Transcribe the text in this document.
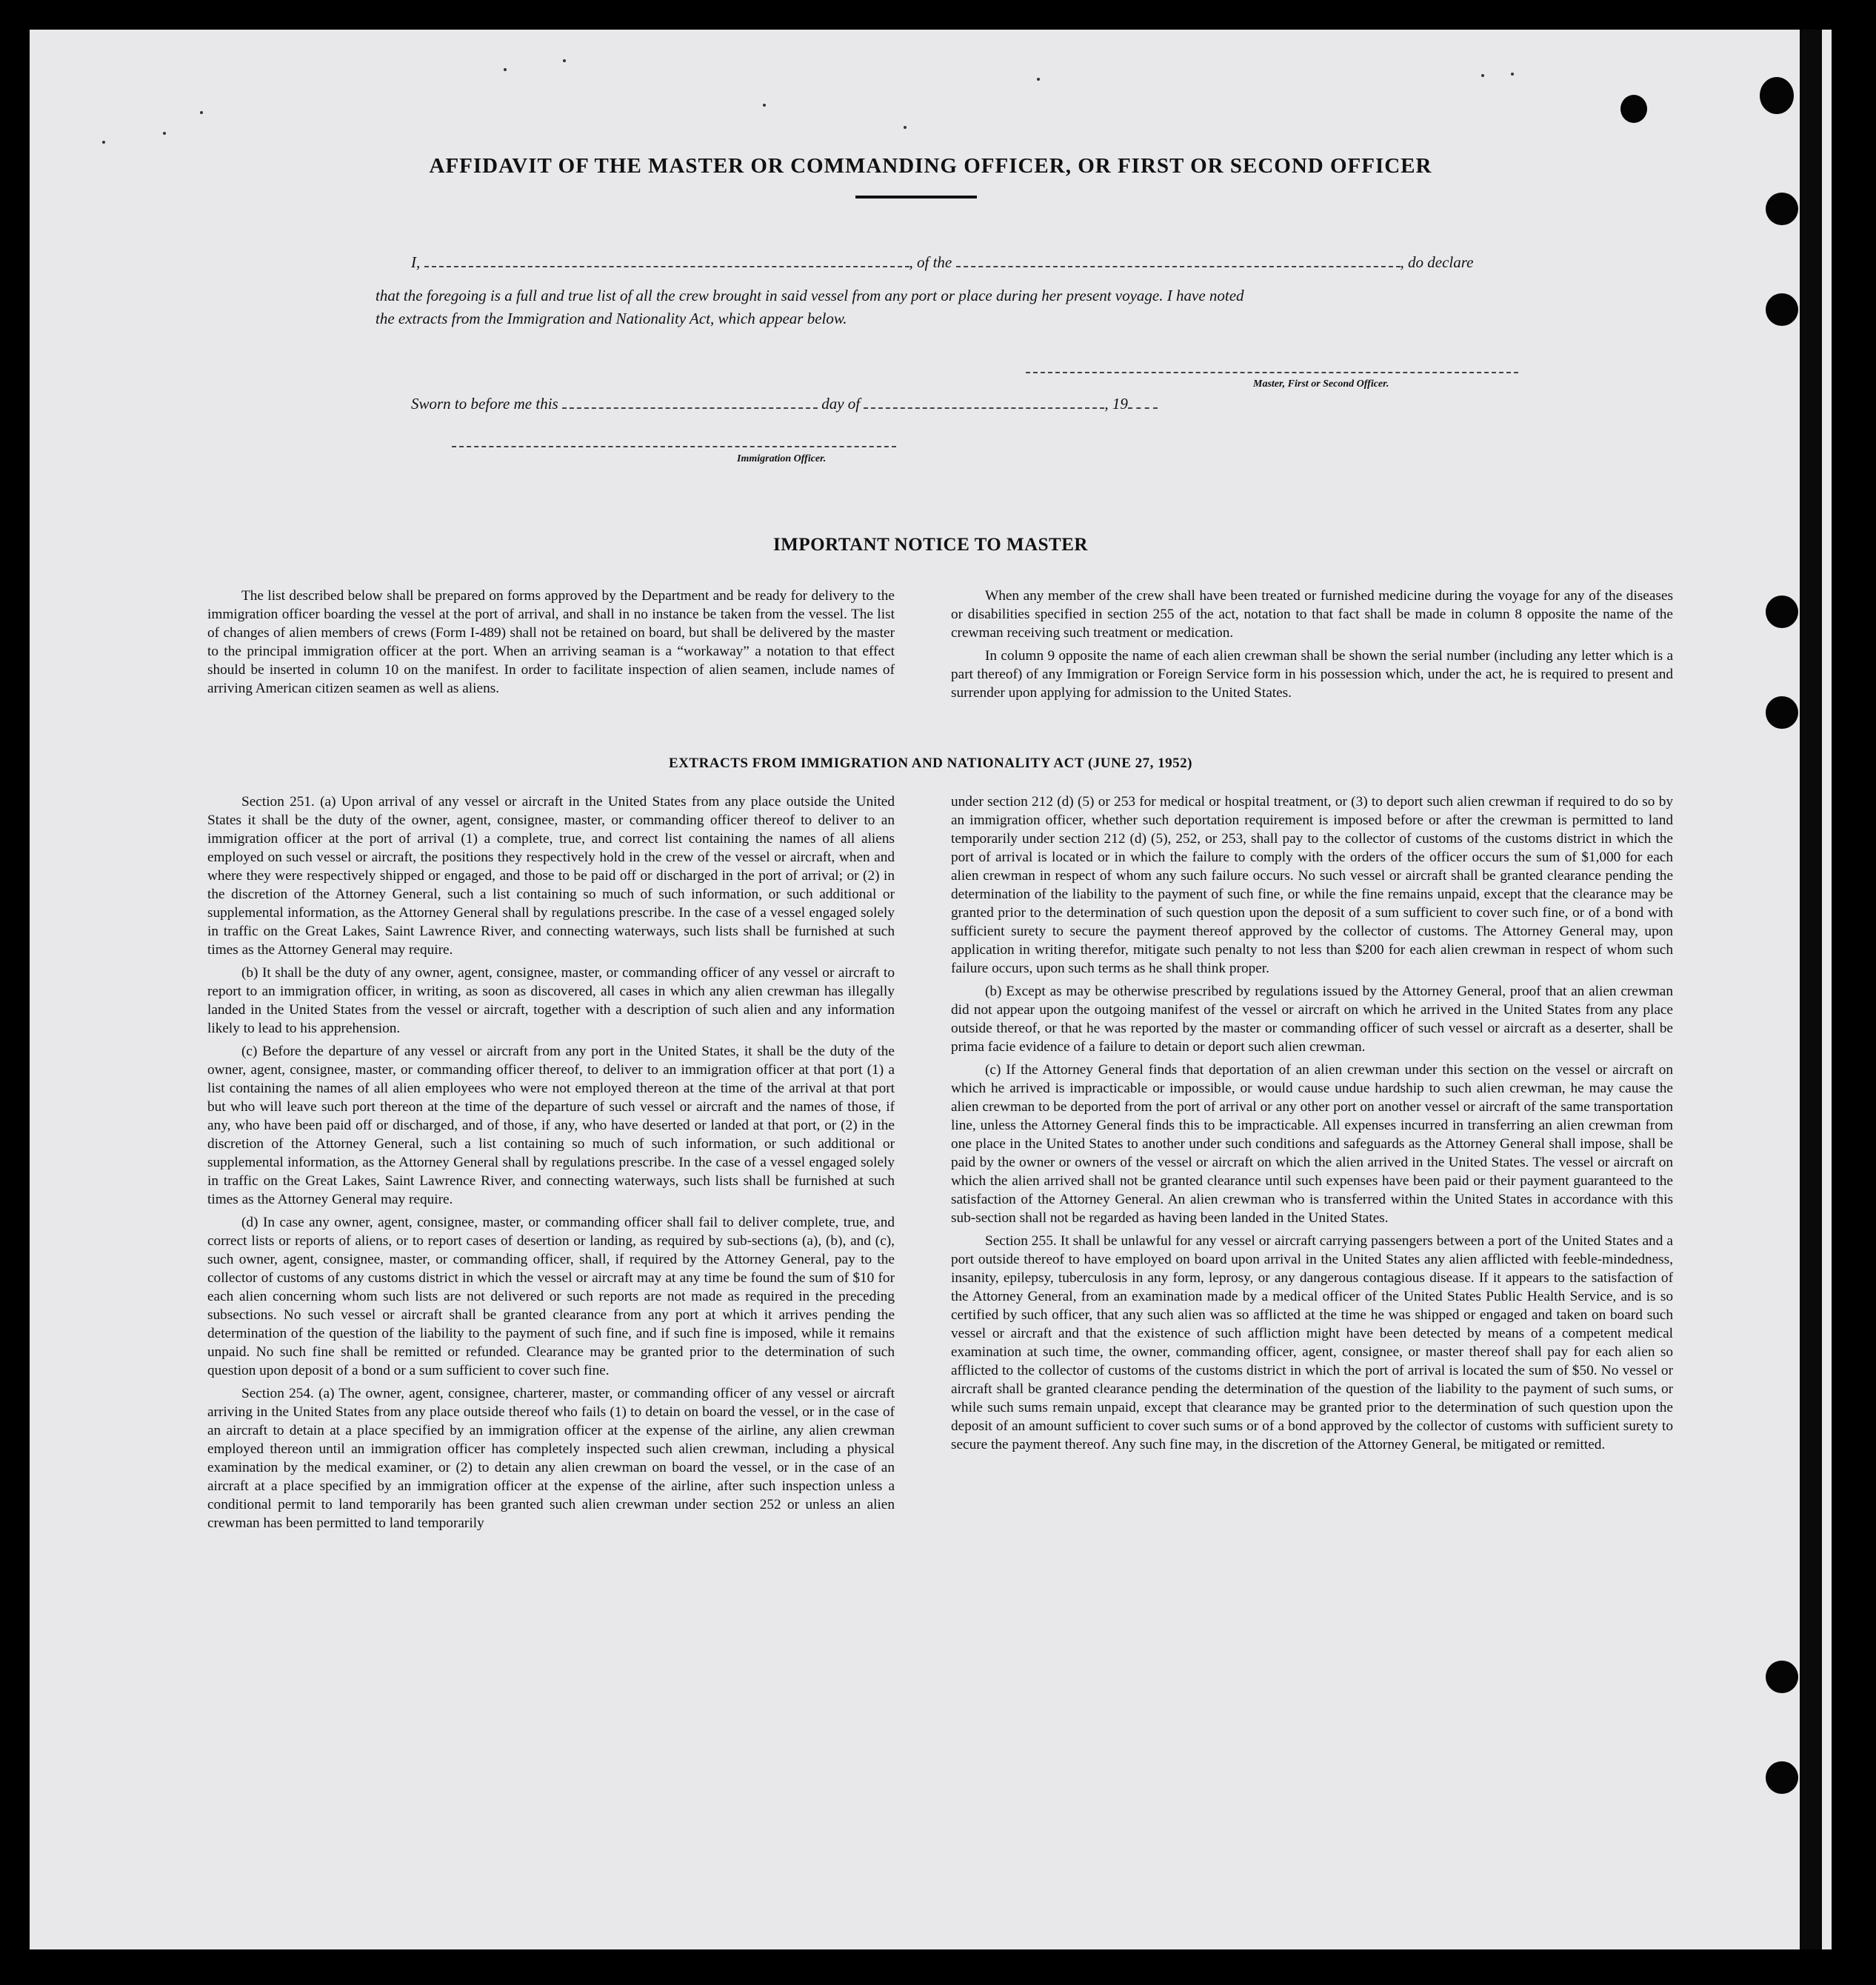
AFFIDAVIT OF THE MASTER OR COMMANDING OFFICER, OR FIRST OR SECOND OFFICER
I,	, of the	, do declare
that the foregoing is a full and true list of all the crew brought in said vessel from any port or place during her present voyage. I have noted
the extracts from the Immigration and Nationality Act, which appear below.
Master, First or Second Officer.
Sworn to before me this	day of	, 19
Immigration Officer.
IMPORTANT NOTICE TO MASTER

The list described below shall be prepared on forms approved by the Department and be ready for delivery to the immigration officer boarding the vessel at the port of arrival, and shall in no instance be taken from the vessel. The list of changes of alien members of crews (Form I-489) shall not be retained on board, but shall be delivered by the master to the principal immigration officer at the port. When an arriving seaman is a “workaway” a notation to that effect should be inserted in column 10 on the manifest. In order to facilitate inspection of alien seamen, include names of arriving American citizen seamen as well as aliens.

When any member of the crew shall have been treated or furnished medicine during the voyage for any of the diseases or disabilities specified in section 255 of the act, notation to that fact shall be made in column 8 opposite the name of the crewman receiving such treatment or medication.

In column 9 opposite the name of each alien crewman shall be shown the serial number (including any letter which is a part thereof) of any Immigration or Foreign Service form in his possession which, under the act, he is required to present and surrender upon applying for admission to the United States.

EXTRACTS FROM IMMIGRATION AND NATIONALITY ACT (JUNE 27, 1952)

Section 251. (a) Upon arrival of any vessel or aircraft in the United States from any place outside the United States it shall be the duty of the owner, agent, consignee, master, or commanding officer thereof to deliver to an immigration officer at the port of arrival (1) a complete, true, and correct list containing the names of all aliens employed on such vessel or aircraft, the positions they respectively hold in the crew of the vessel or aircraft, when and where they were respectively shipped or engaged, and those to be paid off or discharged in the port of arrival; or (2) in the discretion of the Attorney General, such a list containing so much of such information, or such additional or supplemental information, as the Attorney General shall by regulations prescribe. In the case of a vessel engaged solely in traffic on the Great Lakes, Saint Lawrence River, and connecting waterways, such lists shall be furnished at such times as the Attorney General may require.

(b) It shall be the duty of any owner, agent, consignee, master, or commanding officer of any vessel or aircraft to report to an immigration officer, in writing, as soon as discovered, all cases in which any alien crewman has illegally landed in the United States from the vessel or aircraft, together with a description of such alien and any information likely to lead to his apprehension.

(c) Before the departure of any vessel or aircraft from any port in the United States, it shall be the duty of the owner, agent, consignee, master, or commanding officer thereof, to deliver to an immigration officer at that port (1) a list containing the names of all alien employees who were not employed thereon at the time of the arrival at that port but who will leave such port thereon at the time of the departure of such vessel or aircraft and the names of those, if any, who have been paid off or discharged, and of those, if any, who have deserted or landed at that port, or (2) in the discretion of the Attorney General, such a list containing so much of such information, or such additional or supplemental information, as the Attorney General shall by regulations prescribe. In the case of a vessel engaged solely in traffic on the Great Lakes, Saint Lawrence River, and connecting waterways, such lists shall be furnished at such times as the Attorney General may require.

(d) In case any owner, agent, consignee, master, or commanding officer shall fail to deliver complete, true, and correct lists or reports of aliens, or to report cases of desertion or landing, as required by sub-sections (a), (b), and (c), such owner, agent, consignee, master, or commanding officer, shall, if required by the Attorney General, pay to the collector of customs of any customs district in which the vessel or aircraft may at any time be found the sum of $10 for each alien concerning whom such lists are not delivered or such reports are not made as required in the preceding subsections. No such vessel or aircraft shall be granted clearance from any port at which it arrives pending the determination of the question of the liability to the payment of such fine, and if such fine is imposed, while it remains unpaid. No such fine shall be remitted or refunded. Clearance may be granted prior to the determination of such question upon deposit of a bond or a sum sufficient to cover such fine.

Section 254. (a) The owner, agent, consignee, charterer, master, or commanding officer of any vessel or aircraft arriving in the United States from any place outside thereof who fails (1) to detain on board the vessel, or in the case of an aircraft to detain at a place specified by an immigration officer at the expense of the airline, any alien crewman employed thereon until an immigration officer has completely inspected such alien crewman, including a physical examination by the medical examiner, or (2) to detain any alien crewman on board the vessel, or in the case of an aircraft at a place specified by an immigration officer at the expense of the airline, after such inspection unless a conditional permit to land temporarily has been granted such alien crewman under section 252 or unless an alien crewman has been permitted to land temporarily

under section 212 (d) (5) or 253 for medical or hospital treatment, or (3) to deport such alien crewman if required to do so by an immigration officer, whether such deportation requirement is imposed before or after the crewman is permitted to land temporarily under section 212 (d) (5), 252, or 253, shall pay to the collector of customs of the customs district in which the port of arrival is located or in which the failure to comply with the orders of the officer occurs the sum of $1,000 for each alien crewman in respect of whom any such failure occurs. No such vessel or aircraft shall be granted clearance pending the determination of the liability to the payment of such fine, or while the fine remains unpaid, except that the clearance may be granted prior to the determination of such question upon the deposit of a sum sufficient to cover such fine, or of a bond with sufficient surety to secure the payment thereof approved by the collector of customs. The Attorney General may, upon application in writing therefor, mitigate such penalty to not less than $200 for each alien crewman in respect of whom such failure occurs, upon such terms as he shall think proper.

(b) Except as may be otherwise prescribed by regulations issued by the Attorney General, proof that an alien crewman did not appear upon the outgoing manifest of the vessel or aircraft on which he arrived in the United States from any place outside thereof, or that he was reported by the master or commanding officer of such vessel or aircraft as a deserter, shall be prima facie evidence of a failure to detain or deport such alien crewman.

(c) If the Attorney General finds that deportation of an alien crewman under this section on the vessel or aircraft on which he arrived is impracticable or impossible, or would cause undue hardship to such alien crewman, he may cause the alien crewman to be deported from the port of arrival or any other port on another vessel or aircraft of the same transportation line, unless the Attorney General finds this to be impracticable. All expenses incurred in transferring an alien crewman from one place in the United States to another under such conditions and safeguards as the Attorney General shall impose, shall be paid by the owner or owners of the vessel or aircraft on which the alien arrived in the United States. The vessel or aircraft on which the alien arrived shall not be granted clearance until such expenses have been paid or their payment guaranteed to the satisfaction of the Attorney General. An alien crewman who is transferred within the United States in accordance with this sub-section shall not be regarded as having been landed in the United States.

Section 255. It shall be unlawful for any vessel or aircraft carrying passengers between a port of the United States and a port outside thereof to have employed on board upon arrival in the United States any alien afflicted with feeble-mindedness, insanity, epilepsy, tuberculosis in any form, leprosy, or any dangerous contagious disease. If it appears to the satisfaction of the Attorney General, from an examination made by a medical officer of the United States Public Health Service, and is so certified by such officer, that any such alien was so afflicted at the time he was shipped or engaged and taken on board such vessel or aircraft and that the existence of such affliction might have been detected by means of a competent medical examination at such time, the owner, commanding officer, agent, consignee, or master thereof shall pay for each alien so afflicted to the collector of customs of the customs district in which the port of arrival is located the sum of $50. No vessel or aircraft shall be granted clearance pending the determination of the question of the liability to the payment of such sums, or while such sums remain unpaid, except that clearance may be granted prior to the determination of such question upon the deposit of an amount sufficient to cover such sums or of a bond approved by the collector of customs with sufficient surety to secure the payment thereof. Any such fine may, in the discretion of the Attorney General, be mitigated or remitted.
